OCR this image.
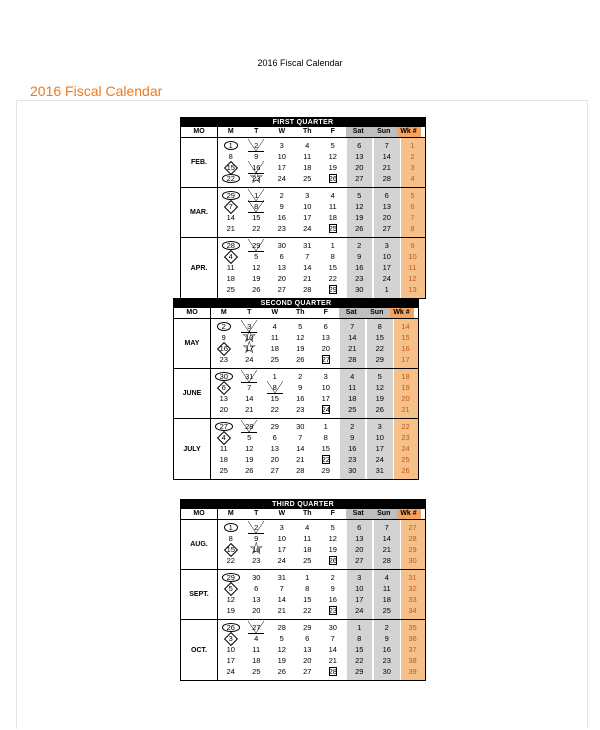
2016 Fiscal Calendar
2016 Fiscal Calendar
FIRST QUARTER
MO	M	T	W	Th	F	Sat	Sun	Wk #
FEB.
1	2	3	4	5	6	7	1
8	9	10	11	12	13	14	2
15	16	17	18	19	20	21	3
22	☆ 23	24	25	26	27	28	4
MAR.
29	1	2	3	4	5	6	5
7	8	9	10	11	12	13	6
14	15	16	17	18	19	20	7
21	22	23	24	25	26	27	8
APR.
28	29	30	31	1	2	3	9
4	5	6	7	8	9	10	10
11	12	13	14	15	16	17	11
18	19	20	21	22	23	24	12
25	26	27	28	29	30	1	13
SECOND QUARTER
MO	M	T	W	Th	F	Sat	Sun	Wk #
MAY
2	3	4	5	6	7	8	14
9	☆ 10	11	12	13	14	15	15
16	☆ 17	18	19	20	21	22	16
23	24	25	26	27	28	29	17
JUNE
30	31	1	2	3	4	5	18
6	7	8	9	10	11	12	19
13	14	15	16	17	18	19	20
20	21	22	23	24	25	26	21
JULY
27	28	29	30	1	2	3	22
4	5	6	7	8	9	10	23
11	12	13	14	15	16	17	24
18	19	20	21	22	23	24	25
25	26	27	28	29	30	31	26
THIRD QUARTER
MO	M	T	W	Th	F	Sat	Sun	Wk #
AUG.
1	2	3	4	5	6	7	27
8	9	10	11	12	13	14	28
15	☆ 16	17	18	19	20	21	29
22	23	24	25	26	27	28	30
SEPT.
29	30	31	1	2	3	4	31
5	6	7	8	9	10	11	32
12	13	14	15	16	17	18	33
19	20	21	22	23	24	25	34
OCT.
26	27	28	29	30	1	2	35
3	4	5	6	7	8	9	36
10	11	12	13	14	15	16	37
17	18	19	20	21	22	23	38
24	25	26	27	28	29	30	39
